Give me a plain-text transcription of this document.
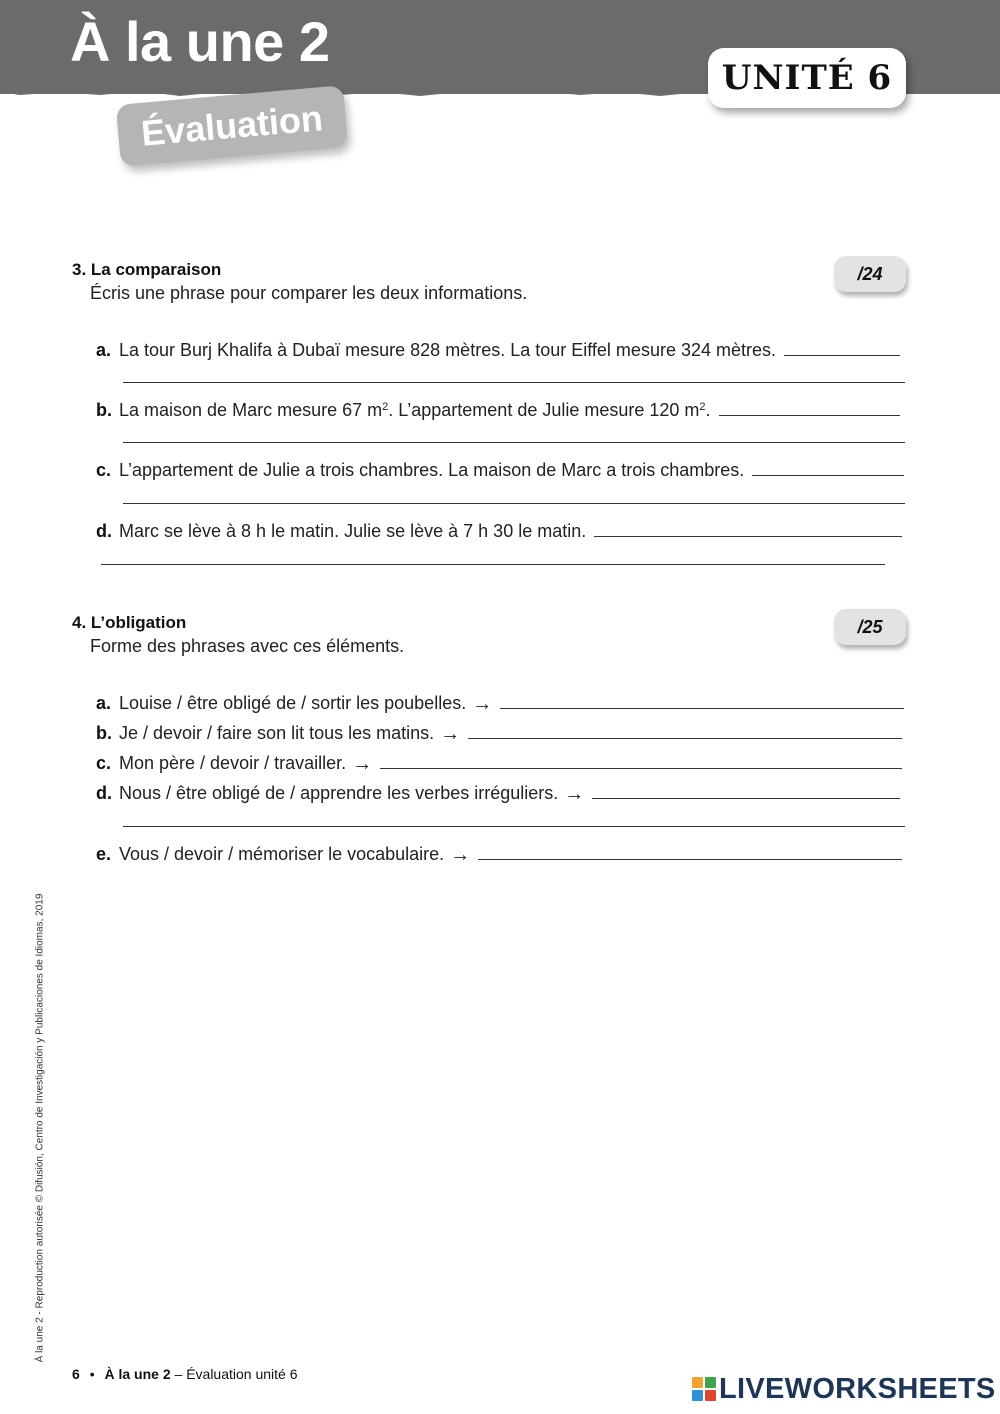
À la une 2
UNITÉ 6
Évaluation
3. La comparaison
Écris une phrase pour comparer les deux informations.
/24
a. La tour Burj Khalifa à Dubaï mesure 828 mètres. La tour Eiffel mesure 324 mètres.
b. La maison de Marc mesure 67 $m^2$. L’appartement de Julie mesure 120 $m^2$.
c. L’appartement de Julie a trois chambres. La maison de Marc a trois chambres.
d. Marc se lève à 8 h le matin. Julie se lève à 7 h 30 le matin.
4. L’obligation
Forme des phrases avec ces éléments.
/25
a. Louise / être obligé de / sortir les poubelles. →
b. Je / devoir / faire son lit tous les matins. →
c. Mon père / devoir / travailler. →
d. Nous / être obligé de / apprendre les verbes irréguliers. →
e. Vous / devoir / mémoriser le vocabulaire. →
À la une 2 - Reproduction autorisée © Difusión, Centro de Investigación y Publicaciones de Idiomas, 2019
6 • À la une 2 – Évaluation unité 6	LIVEWORKSHEETS
